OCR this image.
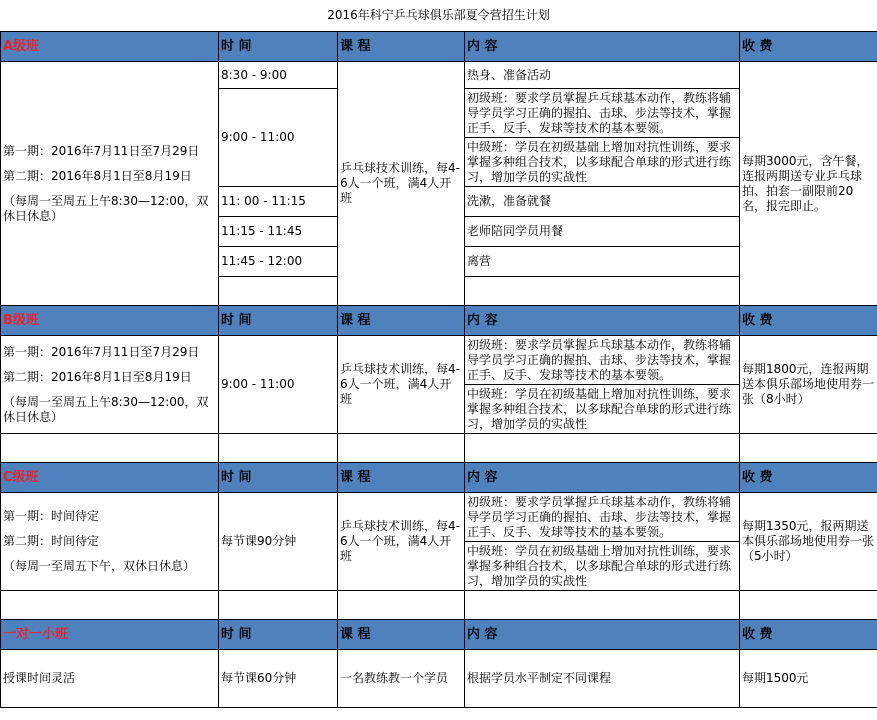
2016年科宁乒乓球俱乐部夏令营招生计划
A级班	时 间	课 程	内 容	收 费

第一期：2016年7月11日至7月29日
第二期：2016年8月1日至8月19日
（每周一至周五上午8:30—12:00，双休日休息）	8:30 - 9:00	乒乓球技术训练，每4-6人一个班，满4人开班	热身、准备活动	每期3000元，含午餐，连报两期送专业乒乓球拍、拍套一副限前20名，报完即止。
	9:00 - 11:00		初级班：要求学员掌握乒乓球基本动作，教练将辅导学员学习正确的握拍、击球、步法等技术，掌握正手、反手、发球等技术的基本要领。	
			中级班：学员在初级基础上增加对抗性训练，要求掌握多种组合技术，以多球配合单球的形式进行练习，增加学员的实战性	
	11: 00 - 11:15		洗漱，准备就餐	
	11:15 - 11:45		老师陪同学员用餐	
	11:45 - 12:00		离营	

B级班	时 间	课 程	内 容	收 费

第一期：2016年7月11日至7月29日
第二期：2016年8月1日至8月19日
（每周一至周五上午8:30—12:00，双休日休息）	9:00 - 11:00	乒乓球技术训练，每4-6人一个班，满4人开班	初级班：要求学员掌握乒乓球基本动作，教练将辅导学员学习正确的握拍、击球、步法等技术，掌握正手、反手、发球等技术的基本要领。	每期1800元，连报两期送本俱乐部场地使用券一张（8小时）
			中级班：学员在初级基础上增加对抗性训练，要求掌握多种组合技术，以多球配合单球的形式进行练习，增加学员的实战性	

C级班	时 间	课 程	内 容	收 费

第一期：时间待定
第二期：时间待定
（每周一至周五下午，双休日休息）	每节课90分钟	乒乓球技术训练，每4-6人一个班，满4人开班	初级班：要求学员掌握乒乓球基本动作，教练将辅导学员学习正确的握拍、击球、步法等技术，掌握正手、反手、发球等技术的基本要领。	每期1350元，报两期送本俱乐部场地使用券一张（5小时）
			中级班：学员在初级基础上增加对抗性训练，要求掌握多种组合技术，以多球配合单球的形式进行练习，增加学员的实战性	

一对一小班	时 间	课 程	内 容	收 费
授课时间灵活	每节课60分钟	一名教练教一个学员	根据学员水平制定不同课程	每期1500元
